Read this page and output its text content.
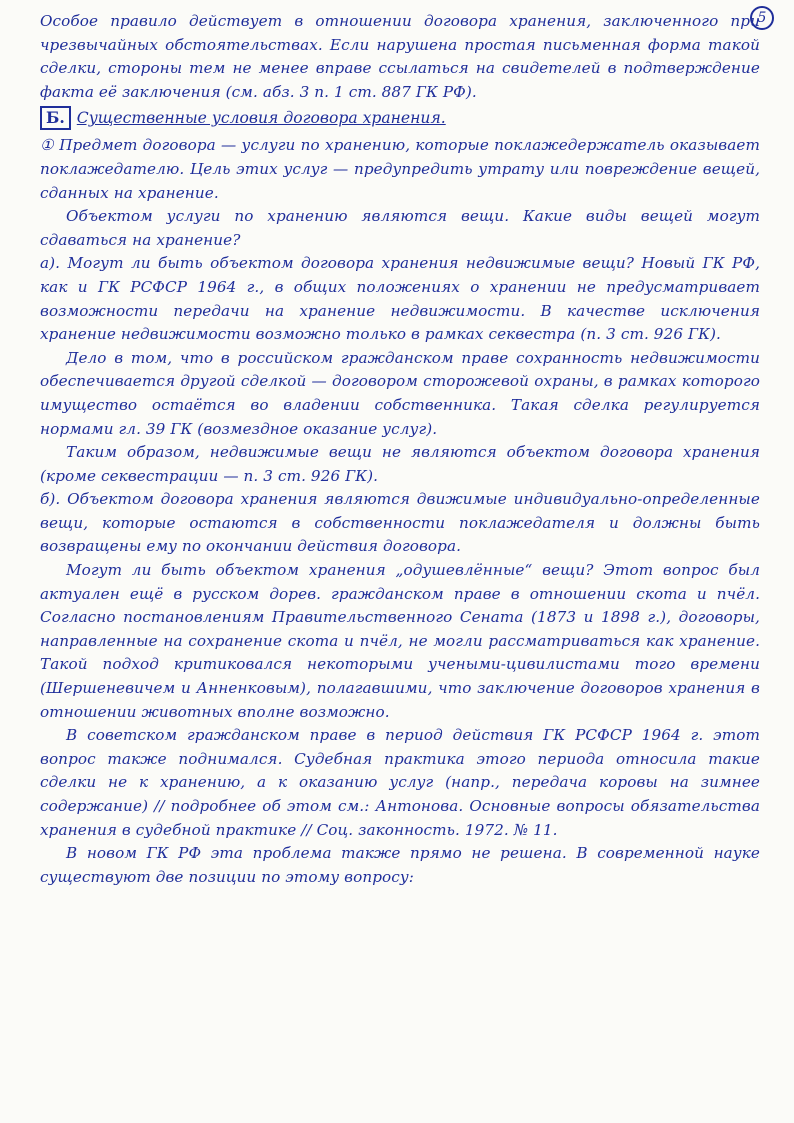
5

Особое правило действует в отношении договора хранения, заключенного при чрезвычайных обстоятельствах. Если нарушена простая письменная форма такой сделки, стороны тем не менее вправе ссылаться на свидетелей в подтверждение факта её заключения (см. абз. 3 п. 1 ст. 887 ГК РФ).

Б. Существенные условия договора хранения.

① Предмет договора — услуги по хранению, которые поклажедержатель оказывает поклажедателю. Цель этих услуг — предупредить утрату или повреждение вещей, сданных на хранение.

Объектом услуги по хранению являются вещи. Какие виды вещей могут сдаваться на хранение?

а). Могут ли быть объектом договора хранения недвижимые вещи? Новый ГК РФ, как и ГК РСФСР 1964 г., в общих положениях о хранении не предусматривает возможности передачи на хранение недвижимости. В качестве исключения хранение недвижимости возможно только в рамках секвестра (п. 3 ст. 926 ГК).

Дело в том, что в российском гражданском праве сохранность недвижимости обеспечивается другой сделкой — договором сторожевой охраны, в рамках которого имущество остаётся во владении собственника. Такая сделка регулируется нормами гл. 39 ГК (возмездное оказание услуг).

Таким образом, недвижимые вещи не являются объектом договора хранения (кроме секвестрации — п. 3 ст. 926 ГК).

б). Объектом договора хранения являются движимые индивидуально-определенные вещи, которые остаются в собственности поклажедателя и должны быть возвращены ему по окончании действия договора.

Могут ли быть объектом хранения „одушевлённые“ вещи? Этот вопрос был актуален ещё в русском дорев. гражданском праве в отношении скота и пчёл. Согласно постановлениям Правительственного Сената (1873 и 1898 г.), договоры, направленные на сохранение скота и пчёл, не могли рассматриваться как хранение. Такой подход критиковался некоторыми учеными-цивилистами того времени (Шершеневичем и Анненковым), полагавшими, что заключение договоров хранения в отношении животных вполне возможно.

В советском гражданском праве в период действия ГК РСФСР 1964 г. этот вопрос также поднимался. Судебная практика этого периода относила такие сделки не к хранению, а к оказанию услуг (напр., передача коровы на зимнее содержание) // подробнее об этом см.: Антонова. Основные вопросы обязательства хранения в судебной практике // Соц. законность. 1972. № 11.

В новом ГК РФ эта проблема также прямо не решена. В современной науке существуют две позиции по этому вопросу:
